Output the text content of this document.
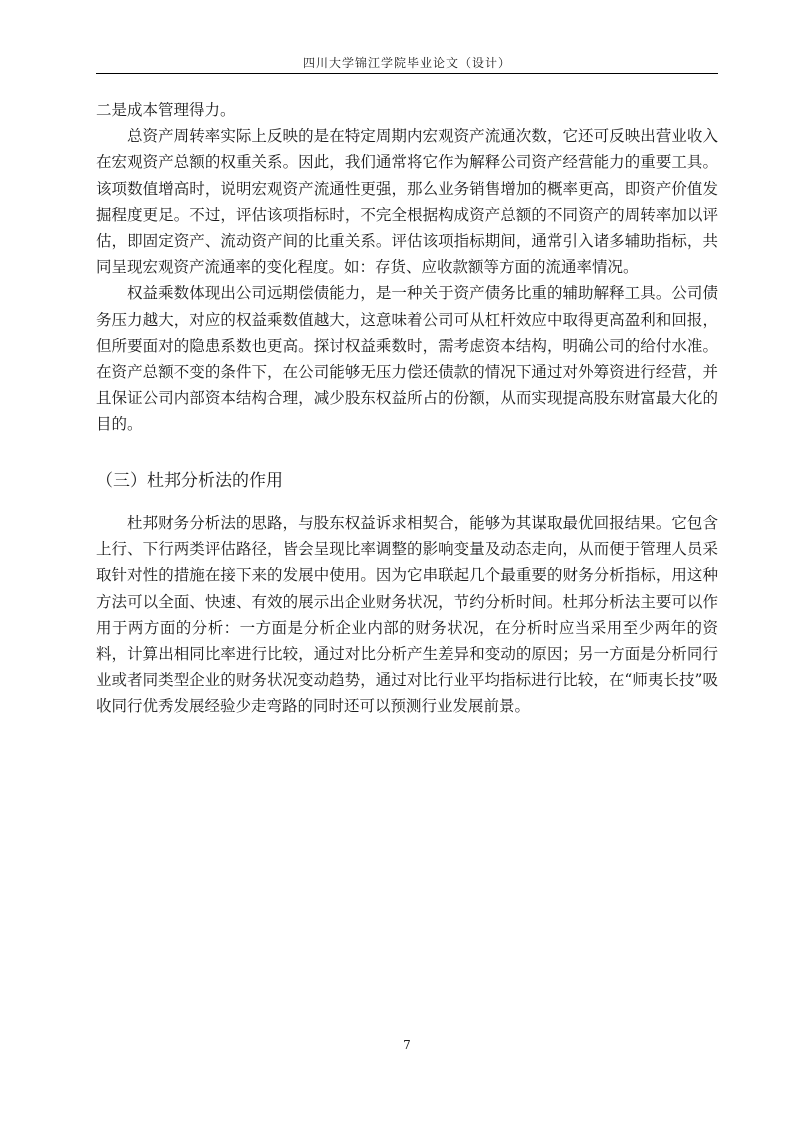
四川大学锦江学院毕业论文（设计）

二是成本管理得力。

总资产周转率实际上反映的是在特定周期内宏观资产流通次数，它还可反映出营业收入在宏观资产总额的权重关系。因此，我们通常将它作为解释公司资产经营能力的重要工具。该项数值增高时，说明宏观资产流通性更强，那么业务销售增加的概率更高，即资产价值发掘程度更足。不过，评估该项指标时，不完全根据构成资产总额的不同资产的周转率加以评估，即固定资产、流动资产间的比重关系。评估该项指标期间，通常引入诸多辅助指标，共同呈现宏观资产流通率的变化程度。如：存货、应收款额等方面的流通率情况。

权益乘数体现出公司远期偿债能力，是一种关于资产债务比重的辅助解释工具。公司债务压力越大，对应的权益乘数值越大，这意味着公司可从杠杆效应中取得更高盈利和回报，但所要面对的隐患系数也更高。探讨权益乘数时，需考虑资本结构，明确公司的给付水准。在资产总额不变的条件下，在公司能够无压力偿还债款的情况下通过对外筹资进行经营，并且保证公司内部资本结构合理，减少股东权益所占的份额，从而实现提高股东财富最大化的目的。

（三）杜邦分析法的作用

杜邦财务分析法的思路，与股东权益诉求相契合，能够为其谋取最优回报结果。它包含上行、下行两类评估路径，皆会呈现比率调整的影响变量及动态走向，从而便于管理人员采取针对性的措施在接下来的发展中使用。因为它串联起几个最重要的财务分析指标，用这种方法可以全面、快速、有效的展示出企业财务状况，节约分析时间。杜邦分析法主要可以作用于两方面的分析：一方面是分析企业内部的财务状况，在分析时应当采用至少两年的资料，计算出相同比率进行比较，通过对比分析产生差异和变动的原因；另一方面是分析同行业或者同类型企业的财务状况变动趋势，通过对比行业平均指标进行比较，在“师夷长技”吸收同行优秀发展经验少走弯路的同时还可以预测行业发展前景。

7
